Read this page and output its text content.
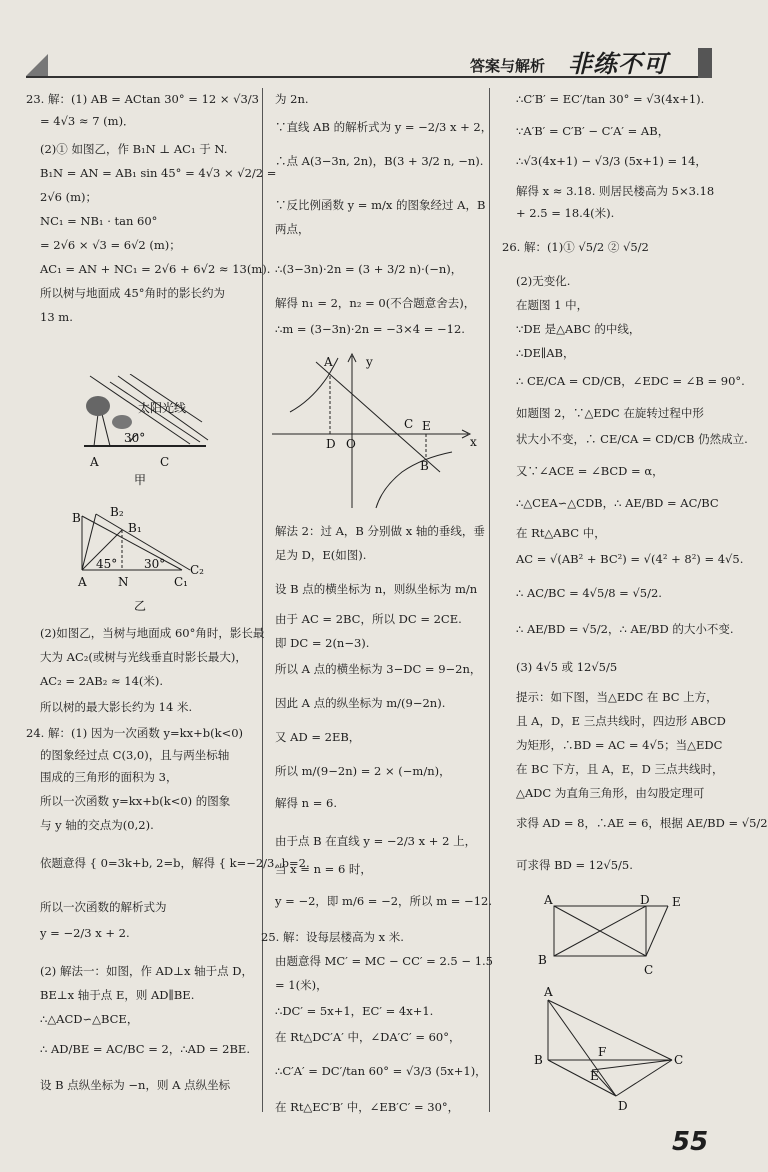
答案与解析 非练不可
23. 解：(1) AB = ACtan 30° = 12 × √3/3
= 4√3 ≈ 7 (m)．
(2)① 如图乙，作 B₁N ⊥ AC₁ 于 N.
B₁N = AN = AB₁ sin 45° = 4√3 × √2/2 =
2√6 (m)；
NC₁ = NB₁ · tan 60°
= 2√6 × √3 = 6√2 (m)；
AC₁ = AN + NC₁ = 2√6 + 6√2 ≈ 13(m).
所以树与地面成 45°角时的影长约为
13 m.
(2)如图乙，当树与地面成 60°角时，影长最
大为 AC₂(或树与光线垂直时影长最大)，
AC₂ = 2AB₂ ≈ 14(米).
所以树的最大影长约为 14 米.
24. 解：(1) 因为一次函数 y=kx+b(k<0)
的图象经过点 C(3,0)，且与两坐标轴
围成的三角形的面积为 3，
所以一次函数 y=kx+b(k<0) 的图象
与 y 轴的交点为(0,2).
依题意得 { 0=3k+b, 2=b，解得 { k=−2/3, b=2.
所以一次函数的解析式为
y = −2/3 x + 2.
(2) 解法一：如图，作 AD⊥x 轴于点 D，
BE⊥x 轴于点 E，则 AD∥BE.
∴△ACD∽△BCE，
∴ AD/BE = AC/BC = 2，∴AD = 2BE.
设 B 点纵坐标为 −n，则 A 点纵坐标
太阳光线
30°
A	C
甲
B B₂
B₁
45° 30°
A	N	C₁
C₂
乙
为 2n.
∵直线 AB 的解析式为 y = −2/3 x + 2，
∴点 A(3−3n, 2n)，B(3 + 3/2 n, −n).
∵反比例函数 y = m/x 的图象经过 A，B
两点，
∴(3−3n)·2n = (3 + 3/2 n)·(−n)，
解得 n₁ = 2，n₂ = 0(不合题意舍去)，
∴m = (3−3n)·2n = −3×4 = −12.
解法 2：过 A，B 分别做 x 轴的垂线，垂
足为 D，E(如图).
设 B 点的横坐标为 n，则纵坐标为 m/n
由于 AC = 2BC，所以 DC = 2CE.
即 DC = 2(n−3).
所以 A 点的横坐标为 3−DC = 9−2n，
因此 A 点的纵坐标为 m/(9−2n).
又 AD = 2EB，
所以 m/(9−2n) = 2 × (−m/n)，
解得 n = 6.
由于点 B 在直线 y = −2/3 x + 2 上，
当 x = n = 6 时，
y = −2，即 m/6 = −2，所以 m = −12.
25. 解：设每层楼高为 x 米.
由题意得 MC′ = MC − CC′ = 2.5 − 1.5
= 1(米)，
∴DC′ = 5x+1，EC′ = 4x+1.
在 Rt△DC′A′ 中，∠DA′C′ = 60°，
∴C′A′ = DC′/tan 60° = √3/3 (5x+1)，
在 Rt△EC′B′ 中，∠EB′C′ = 30°，
A	y
D O
C E
x
B
∴C′B′ = EC′/tan 30° = √3(4x+1).
∵A′B′ = C′B′ − C′A′ = AB，
∴√3(4x+1) − √3/3 (5x+1) = 14，
解得 x ≈ 3.18. 则居民楼高为 5×3.18
+ 2.5 = 18.4(米).
26. 解：(1)① √5/2 ② √5/2
(2)无变化.
在题图 1 中，
∵DE 是△ABC 的中线，
∴DE∥AB，
∴ CE/CA = CD/CB，∠EDC = ∠B = 90°.
如题图 2，∵△EDC 在旋转过程中形
状大小不变，∴ CE/CA = CD/CB 仍然成立.
又∵∠ACE = ∠BCD = α，
∴△CEA∽△CDB，∴ AE/BD = AC/BC
在 Rt△ABC 中，
AC = √(AB² + BC²) = √(4² + 8²) = 4√5.
∴ AC/BC = 4√5/8 = √5/2.
∴ AE/BD = √5/2，∴ AE/BD 的大小不变.
(3) 4√5 或 12√5/5
提示：如下图，当△EDC 在 BC 上方，
且 A，D，E 三点共线时，四边形 ABCD
为矩形，∴BD = AC = 4√5；当△EDC
在 BC 下方，且 A，E，D 三点共线时，
△ADC 为直角三角形，由勾股定理可
求得 AD = 8，∴AE = 6，根据 AE/BD = √5/2
可求得 BD = 12√5/5.
A	D E
B
C
A
B
F
C
E
D
55
